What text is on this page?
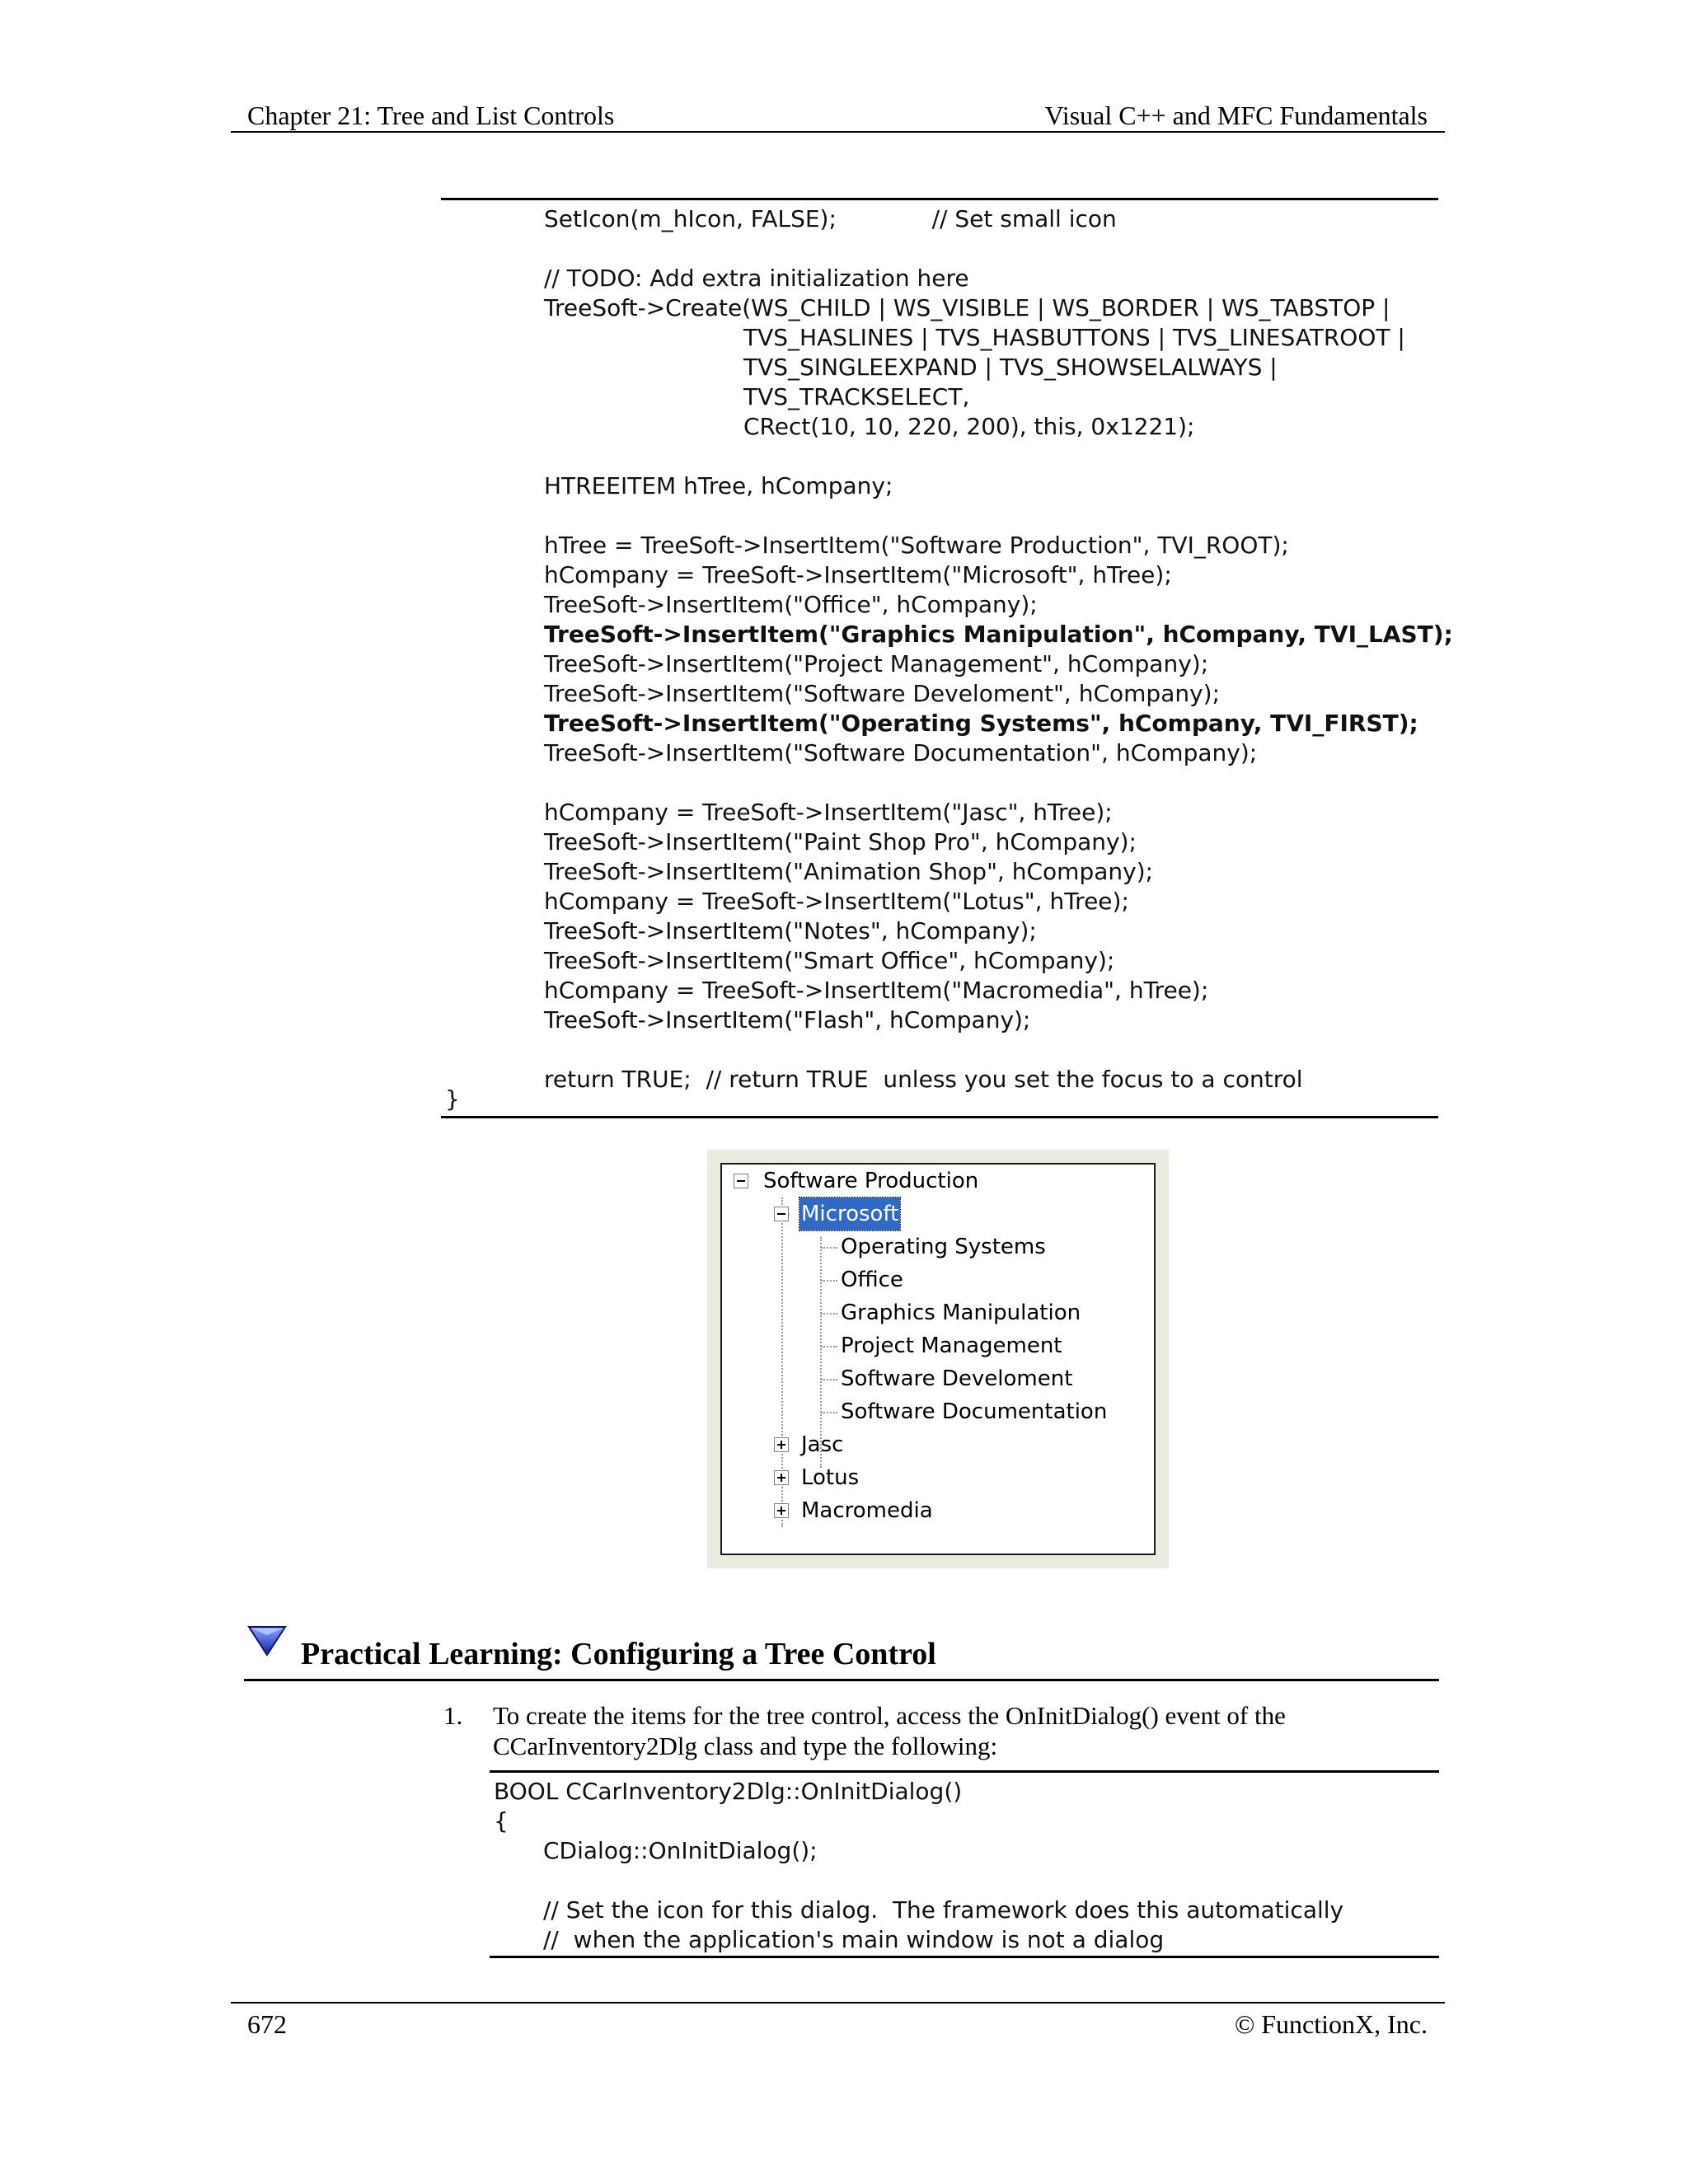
Chapter 21: Tree and List Controls	Visual C++ and MFC Fundamentals
SetIcon(m_hIcon, FALSE);             // Set small icon
// TODO: Add extra initialization here
TreeSoft->Create(WS_CHILD | WS_VISIBLE | WS_BORDER | WS_TABSTOP |
TVS_HASLINES | TVS_HASBUTTONS | TVS_LINESATROOT |
TVS_SINGLEEXPAND | TVS_SHOWSELALWAYS |
TVS_TRACKSELECT,
CRect(10, 10, 220, 200), this, 0x1221);
HTREEITEM hTree, hCompany;
hTree = TreeSoft->InsertItem("Software Production", TVI_ROOT);
hCompany = TreeSoft->InsertItem("Microsoft", hTree);
TreeSoft->InsertItem("Office", hCompany);
TreeSoft->InsertItem("Graphics Manipulation", hCompany, TVI_LAST);
TreeSoft->InsertItem("Project Management", hCompany);
TreeSoft->InsertItem("Software Develoment", hCompany);
TreeSoft->InsertItem("Operating Systems", hCompany, TVI_FIRST);
TreeSoft->InsertItem("Software Documentation", hCompany);
hCompany = TreeSoft->InsertItem("Jasc", hTree);
TreeSoft->InsertItem("Paint Shop Pro", hCompany);
TreeSoft->InsertItem("Animation Shop", hCompany);
hCompany = TreeSoft->InsertItem("Lotus", hTree);
TreeSoft->InsertItem("Notes", hCompany);
TreeSoft->InsertItem("Smart Office", hCompany);
hCompany = TreeSoft->InsertItem("Macromedia", hTree);
TreeSoft->InsertItem("Flash", hCompany);
return TRUE;  // return TRUE  unless you set the focus to a control
}
Software Production
Microsoft
Operating Systems
Office
Graphics Manipulation
Project Management
Software Develoment
Software Documentation
Jasc
Lotus
Macromedia
Practical Learning: Configuring a Tree Control
1. To create the items for the tree control, access the OnInitDialog() event of the CCarInventory2Dlg class and type the following:
BOOL CCarInventory2Dlg::OnInitDialog()
{
CDialog::OnInitDialog();
// Set the icon for this dialog.  The framework does this automatically
//  when the application's main window is not a dialog
672	© FunctionX, Inc.
